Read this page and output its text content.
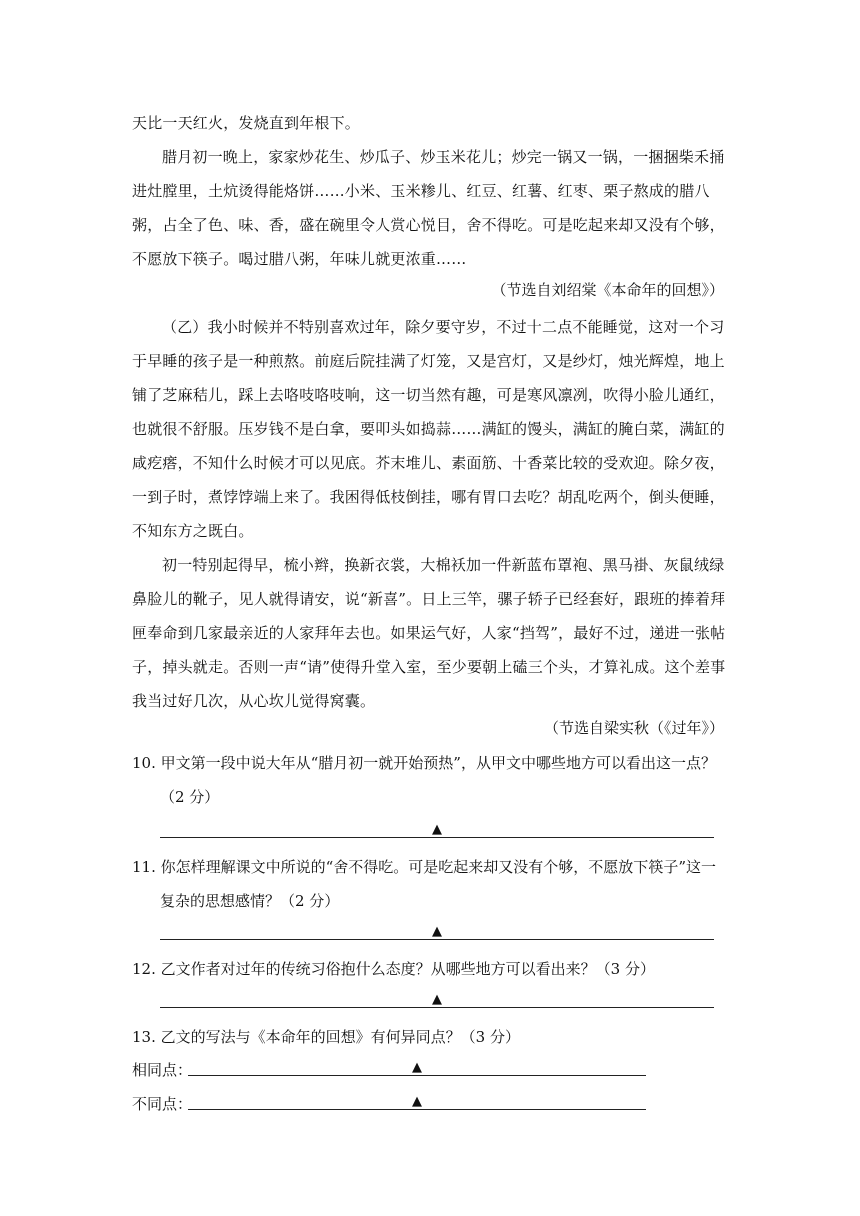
天比一天红火，发烧直到年根下。

腊月初一晚上，家家炒花生、炒瓜子、炒玉米花儿；炒完一锅又一锅，一捆捆柴禾捅进灶膛里，土炕烫得能烙饼……小米、玉米糁儿、红豆、红薯、红枣、栗子熬成的腊八粥，占全了色、味、香，盛在碗里令人赏心悦目，舍不得吃。可是吃起来却又没有个够，不愿放下筷子。喝过腊八粥，年味儿就更浓重……

（节选自刘绍棠《本命年的回想》）

（乙）我小时候并不特别喜欢过年，除夕要守岁，不过十二点不能睡觉，这对一个习于早睡的孩子是一种煎熬。前庭后院挂满了灯笼，又是宫灯，又是纱灯，烛光辉煌，地上铺了芝麻秸儿，踩上去咯吱咯吱响，这一切当然有趣，可是寒风凛冽，吹得小脸儿通红，也就很不舒服。压岁钱不是白拿，要叩头如捣蒜……满缸的馒头，满缸的腌白菜，满缸的咸疙瘩，不知什么时候才可以见底。芥末堆儿、素面筋、十香菜比较的受欢迎。除夕夜，一到子时，煮饽饽端上来了。我困得低枝倒挂，哪有胃口去吃？胡乱吃两个，倒头便睡，不知东方之既白。

初一特别起得早，梳小辫，换新衣裳，大棉袄加一件新蓝布罩袍、黑马褂、灰鼠绒绿鼻脸儿的靴子，见人就得请安，说“新喜”。日上三竿，骡子轿子已经套好，跟班的捧着拜匣奉命到几家最亲近的人家拜年去也。如果运气好，人家“挡驾”，最好不过，递进一张帖子，掉头就走。否则一声“请”使得升堂入室，至少要朝上磕三个头，才算礼成。这个差事我当过好几次，从心坎儿觉得窝囊。

（节选自梁实秋（《过年》）

10. 甲文第一段中说大年从“腊月初一就开始预热”，从甲文中哪些地方可以看出这一点？
（2 分）
▲
11. 你怎样理解课文中所说的“舍不得吃。可是吃起来却又没有个够，不愿放下筷子”这一
复杂的思想感情？（2 分）
▲
12. 乙文作者对过年的传统习俗抱什么态度？从哪些地方可以看出来？（3 分）
▲
13. 乙文的写法与《本命年的回想》有何异同点？（3 分）
相同点：	▲
不同点：	▲
